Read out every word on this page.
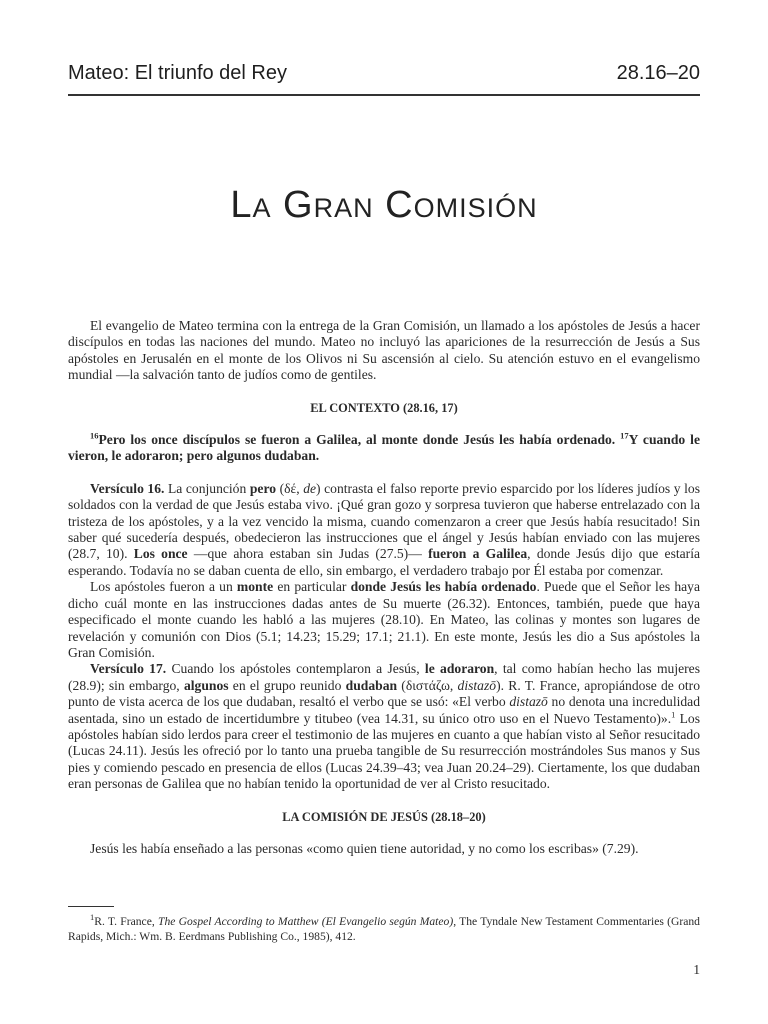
Mateo: El triunfo del Rey	28.16–20
La Gran Comisión

El evangelio de Mateo termina con la entrega de la Gran Comisión, un llamado a los apóstoles de Jesús a hacer discípulos en todas las naciones del mundo. Mateo no incluyó las apariciones de la resurrección de Jesús a Sus apóstoles en Jerusalén en el monte de los Olivos ni Su ascensión al cielo. Su atención estuvo en el evangelismo mundial —la salvación tanto de judíos como de gentiles.

EL CONTEXTO (28.16, 17)

$^{16}$Pero los once discípulos se fueron a Galilea, al monte donde Jesús les había ordenado. $^{17}$Y cuando le vieron, le adoraron; pero algunos dudaban.

Versículo 16. La conjunción pero (δέ, de) contrasta el falso reporte previo esparcido por los líderes judíos y los soldados con la verdad de que Jesús estaba vivo. ¡Qué gran gozo y sorpresa tuvieron que haberse entrelazado con la tristeza de los apóstoles, y a la vez vencido la misma, cuando comenzaron a creer que Jesús había resucitado! Sin saber qué sucedería después, obedecieron las instrucciones que el ángel y Jesús habían enviado con las mujeres (28.7, 10). Los once —que ahora estaban sin Judas (27.5)— fueron a Galilea, donde Jesús dijo que estaría esperando. Todavía no se daban cuenta de ello, sin embargo, el verdadero trabajo por Él estaba por comenzar.

Los apóstoles fueron a un monte en particular donde Jesús les había ordenado. Puede que el Señor les haya dicho cuál monte en las instrucciones dadas antes de Su muerte (26.32). Entonces, también, puede que haya especificado el monte cuando les habló a las mujeres (28.10). En Mateo, las colinas y montes son lugares de revelación y comunión con Dios (5.1; 14.23; 15.29; 17.1; 21.1). En este monte, Jesús les dio a Sus apóstoles la Gran Comisión.

Versículo 17. Cuando los apóstoles contemplaron a Jesús, le adoraron, tal como habían hecho las mujeres (28.9); sin embargo, algunos en el grupo reunido dudaban (διστάζω, distazō). R. T. France, apropiándose de otro punto de vista acerca de los que dudaban, resaltó el verbo que se usó: «El verbo distazō no denota una incredulidad asentada, sino un estado de incertidumbre y titubeo (vea 14.31, su único otro uso en el Nuevo Testamento)».$^1$ Los apóstoles habían sido lerdos para creer el testimonio de las mujeres en cuanto a que habían visto al Señor resucitado (Lucas 24.11). Jesús les ofreció por lo tanto una prueba tangible de Su resurrección mostrándoles Sus manos y Sus pies y comiendo pescado en presencia de ellos (Lucas 24.39–43; vea Juan 20.24–29). Ciertamente, los que dudaban eran personas de Galilea que no habían tenido la oportunidad de ver al Cristo resucitado.

LA COMISIÓN DE JESÚS (28.18–20)

Jesús les había enseñado a las personas «como quien tiene autoridad, y no como los escribas» (7.29).

$^1$R. T. France, The Gospel According to Matthew (El Evangelio según Mateo), The Tyndale New Testament Commentaries (Grand Rapids, Mich.: Wm. B. Eerdmans Publishing Co., 1985), 412.

1
